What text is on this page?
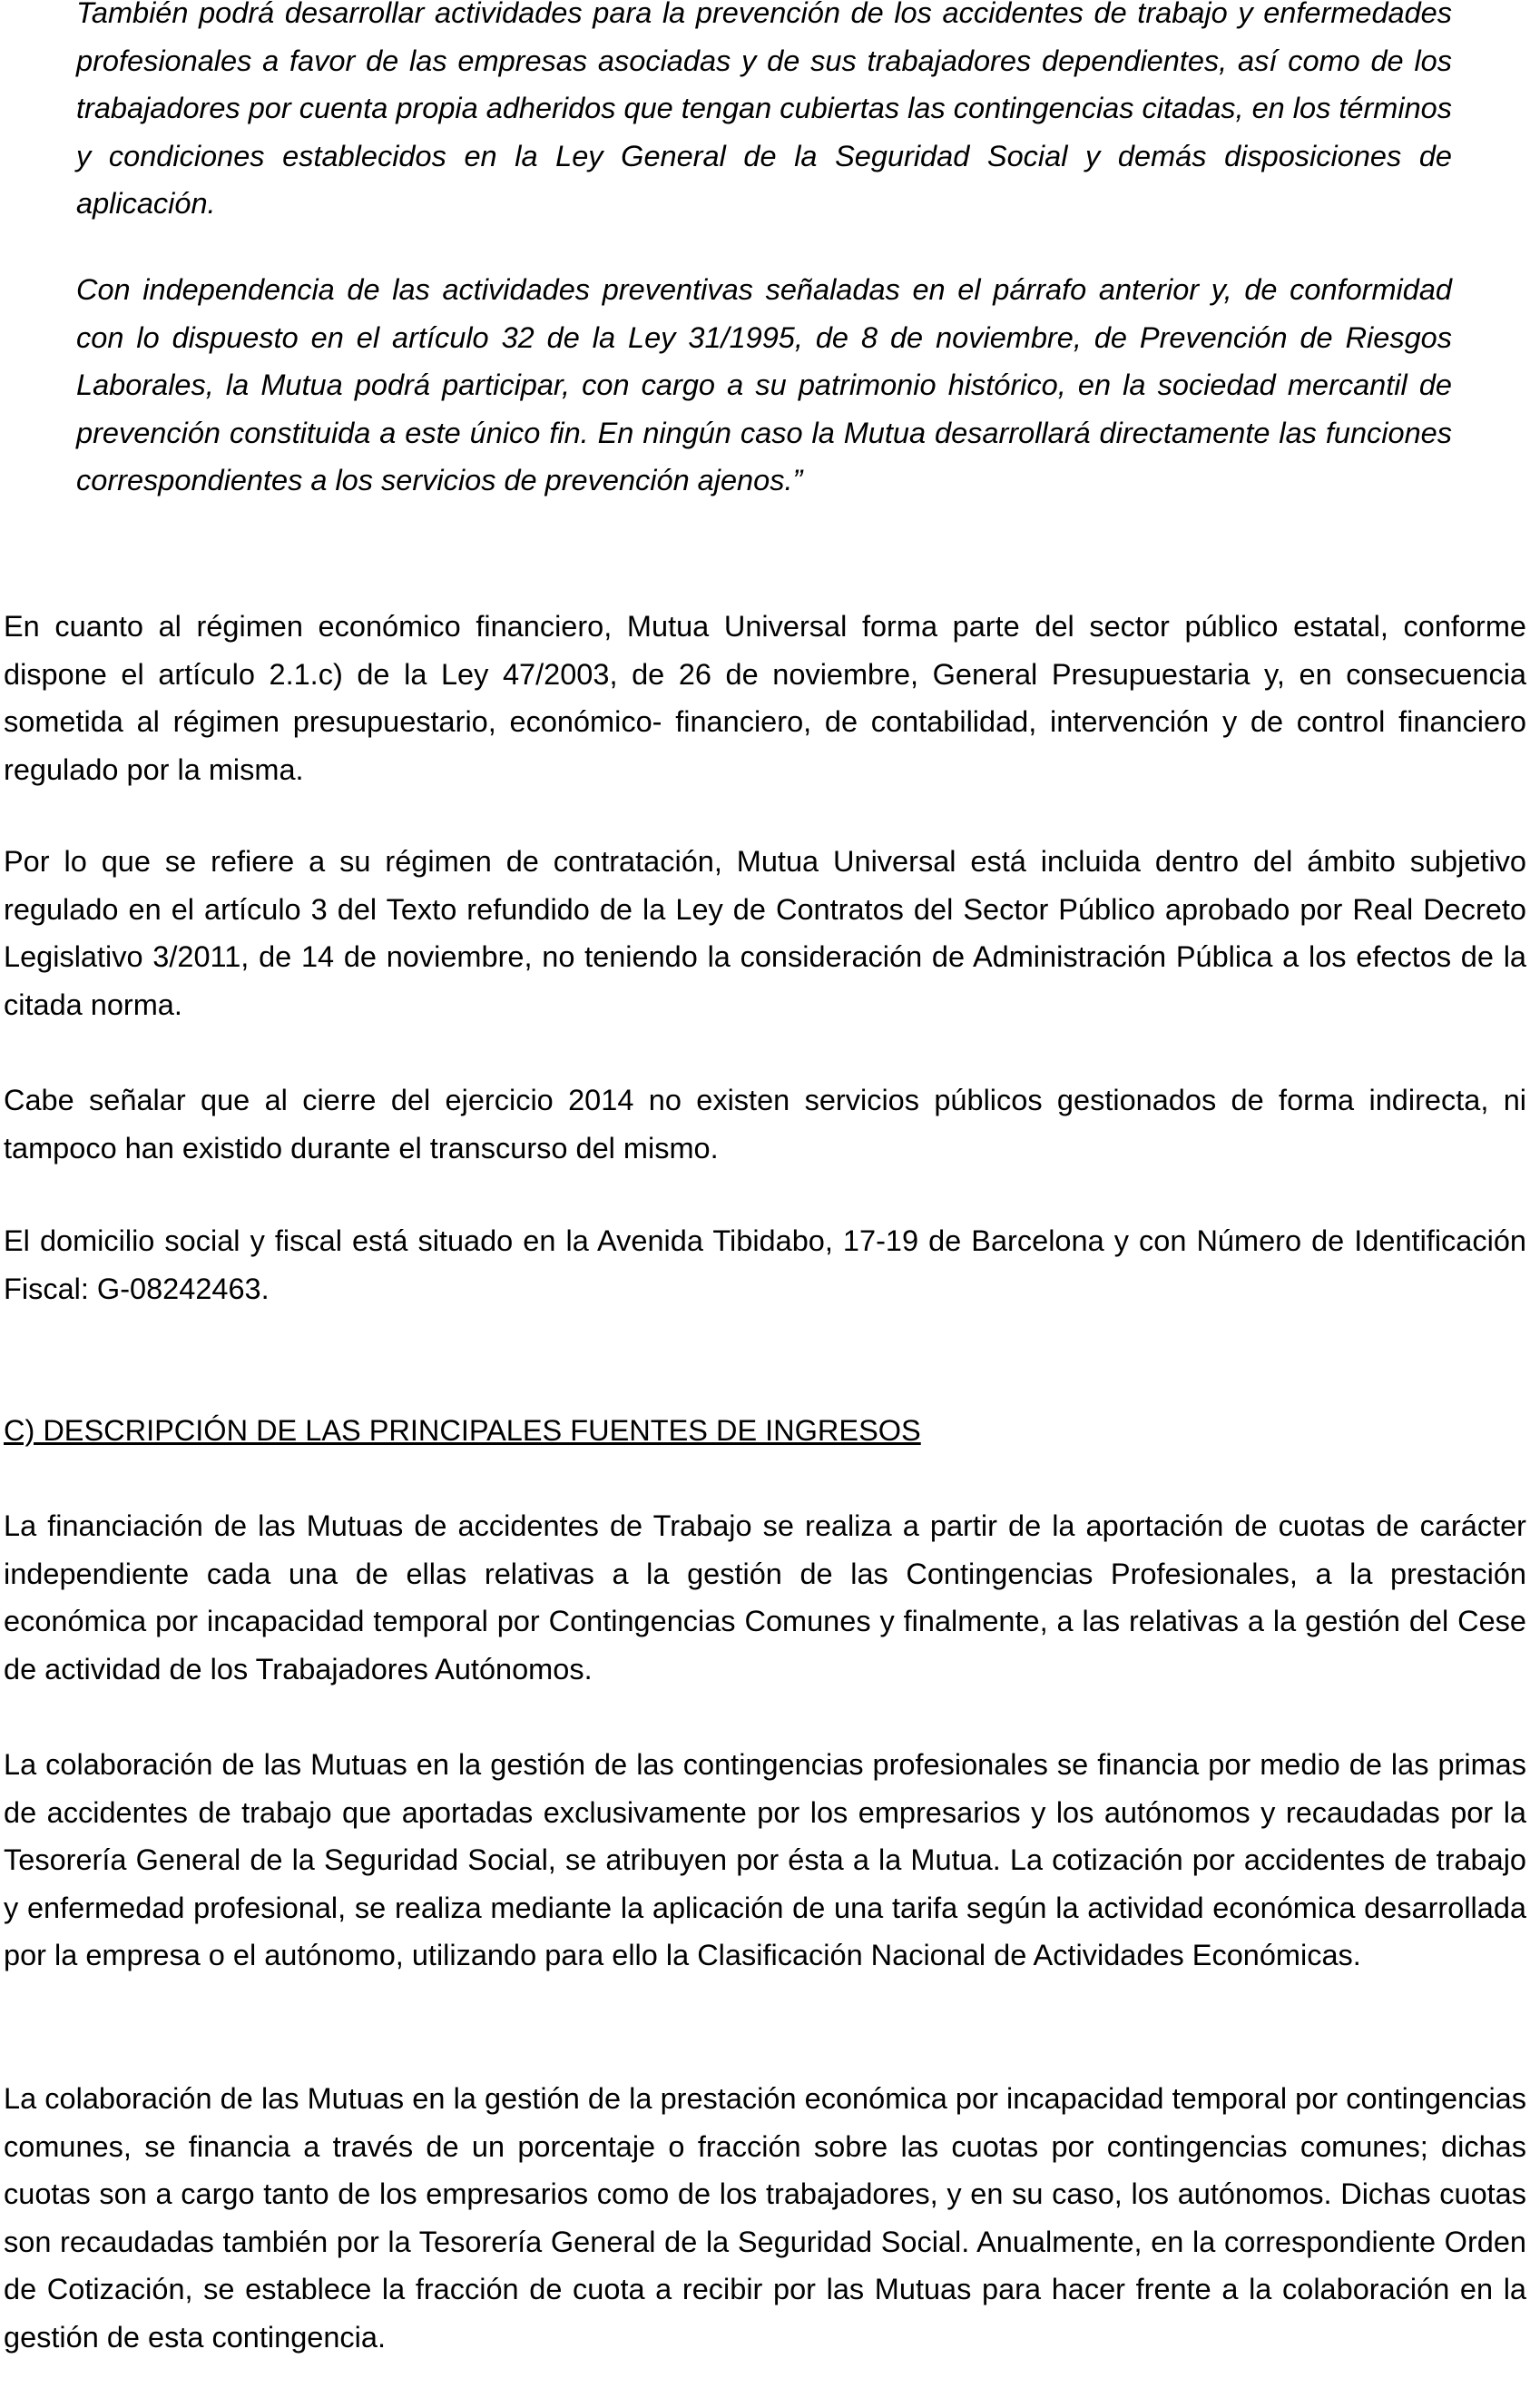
También podrá desarrollar actividades para la prevención de los accidentes de trabajo y enfermedades profesionales a favor de las empresas asociadas y de sus trabajadores dependientes, así como de los trabajadores por cuenta propia adheridos que tengan cubiertas las contingencias citadas, en los términos y condiciones establecidos en la Ley General de la Seguridad Social y demás disposiciones de aplicación.

Con independencia de las actividades preventivas señaladas en el párrafo anterior y, de conformidad con lo dispuesto en el artículo 32 de la Ley 31/1995, de 8 de noviembre, de Prevención de Riesgos Laborales, la Mutua podrá participar, con cargo a su patrimonio histórico, en la sociedad mercantil de prevención constituida a este único fin. En ningún caso la Mutua desarrollará directamente las funciones correspondientes a los servicios de prevención ajenos.”

En cuanto al régimen económico financiero, Mutua Universal forma parte del sector público estatal, conforme dispone el artículo 2.1.c) de la Ley 47/2003, de 26 de noviembre, General Presupuestaria y, en consecuencia sometida al régimen presupuestario, económico- financiero, de contabilidad, intervención y de control financiero regulado por la misma.

Por lo que se refiere a su régimen de contratación, Mutua Universal está incluida dentro del ámbito subjetivo regulado en el artículo 3 del Texto refundido de la Ley de Contratos del Sector Público aprobado por Real Decreto Legislativo 3/2011, de 14 de noviembre, no teniendo la consideración de Administración Pública a los efectos de la citada norma.

Cabe señalar que al cierre del ejercicio 2014 no existen servicios públicos gestionados de forma indirecta, ni tampoco han existido durante el transcurso del mismo.

El domicilio social y fiscal está situado en la Avenida Tibidabo, 17-19 de Barcelona y con Número de Identificación Fiscal: G-08242463.

C) DESCRIPCIÓN DE LAS PRINCIPALES FUENTES DE INGRESOS

La financiación de las Mutuas de accidentes de Trabajo se realiza a partir de la aportación de cuotas de carácter independiente cada una de ellas relativas a la gestión de las Contingencias Profesionales, a la prestación económica por incapacidad temporal por Contingencias Comunes y finalmente, a las relativas a la gestión del Cese de actividad de los Trabajadores Autónomos.

La colaboración de las Mutuas en la gestión de las contingencias profesionales se financia por medio de las primas de accidentes de trabajo que aportadas exclusivamente por los empresarios y los autónomos y recaudadas por la Tesorería General de la Seguridad Social, se atribuyen por ésta a la Mutua. La cotización por accidentes de trabajo y enfermedad profesional, se realiza mediante la aplicación de una tarifa según la actividad económica desarrollada por la empresa o el autónomo, utilizando para ello la Clasificación Nacional de Actividades Económicas.

La colaboración de las Mutuas en la gestión de la prestación económica por incapacidad temporal por contingencias comunes, se financia a través de un porcentaje o fracción sobre las cuotas por contingencias comunes; dichas cuotas son a cargo tanto de los empresarios como de los trabajadores, y en su caso, los autónomos. Dichas cuotas son recaudadas también por la Tesorería General de la Seguridad Social. Anualmente, en la correspondiente Orden de Cotización, se establece la fracción de cuota a recibir por las Mutuas para hacer frente a la colaboración en la gestión de esta contingencia.
